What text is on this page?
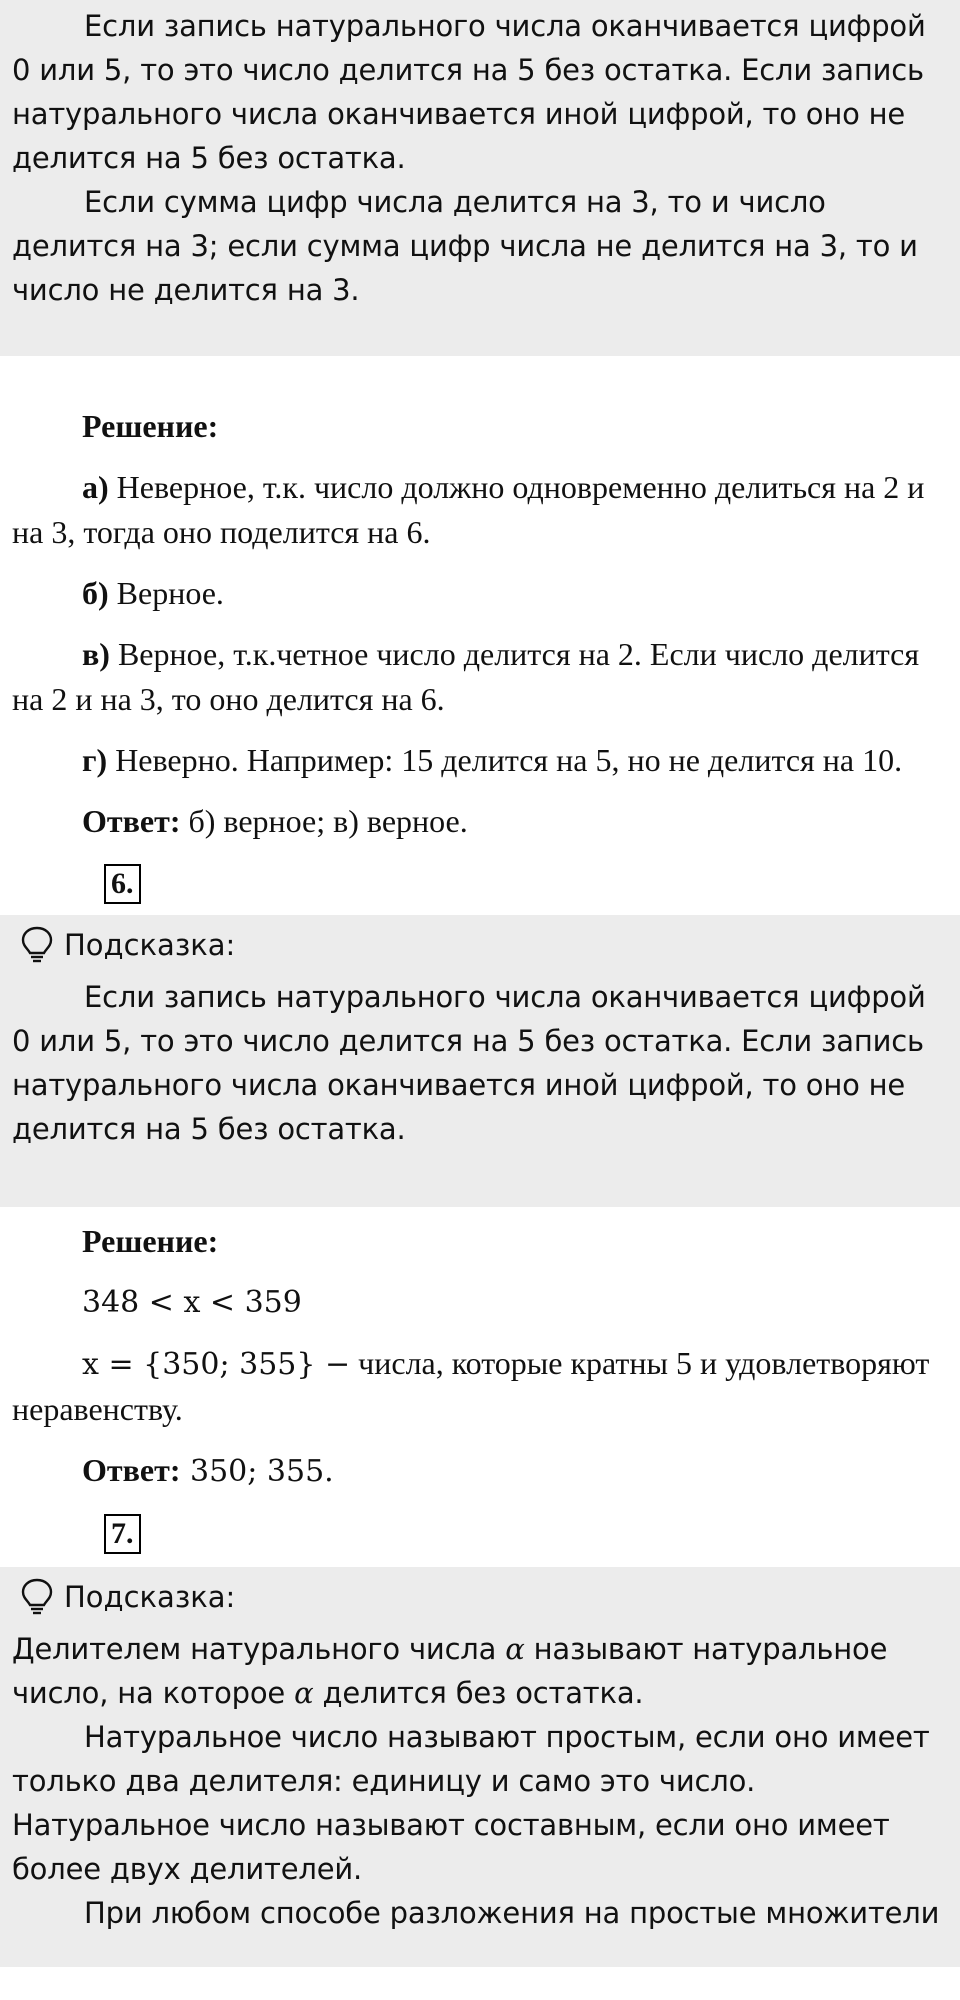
Если запись натурального числа оканчивается цифрой 0 или 5, то это число делится на 5 без остатка. Если запись натурального числа оканчивается иной цифрой, то оно не делится на 5 без остатка.

Если сумма цифр числа делится на 3, то и число делится на 3; если сумма цифр числа не делится на 3, то и число не делится на 3.

Решение:

а) Неверное, т.к. число должно одновременно делиться на 2 и на 3, тогда оно поделится на 6.

б) Верное.

в) Верное, т.к.четное число делится на 2. Если число делится на 2 и на 3, то оно делится на 6.

г) Неверно. Например: 15 делится на 5, но не делится на 10.

Ответ: б) верное; в) верное.

6.
Подсказка:

Если запись натурального числа оканчивается цифрой 0 или 5, то это число делится на 5 без остатка. Если запись натурального числа оканчивается иной цифрой, то оно не делится на 5 без остатка.

Решение:

348 < x < 359

x = {350; 355} − числа, которые кратны 5 и удовлетворяют неравенству.

Ответ: 350; 355.

7.
Подсказка:

Делителем натурального числа α называют натуральное число, на которое α делится без остатка.

Натуральное число называют простым, если оно имеет только два делителя: единицу и само это число.

Натуральное число называют составным, если оно имеет более двух делителей.

При любом способе разложения на простые множители
